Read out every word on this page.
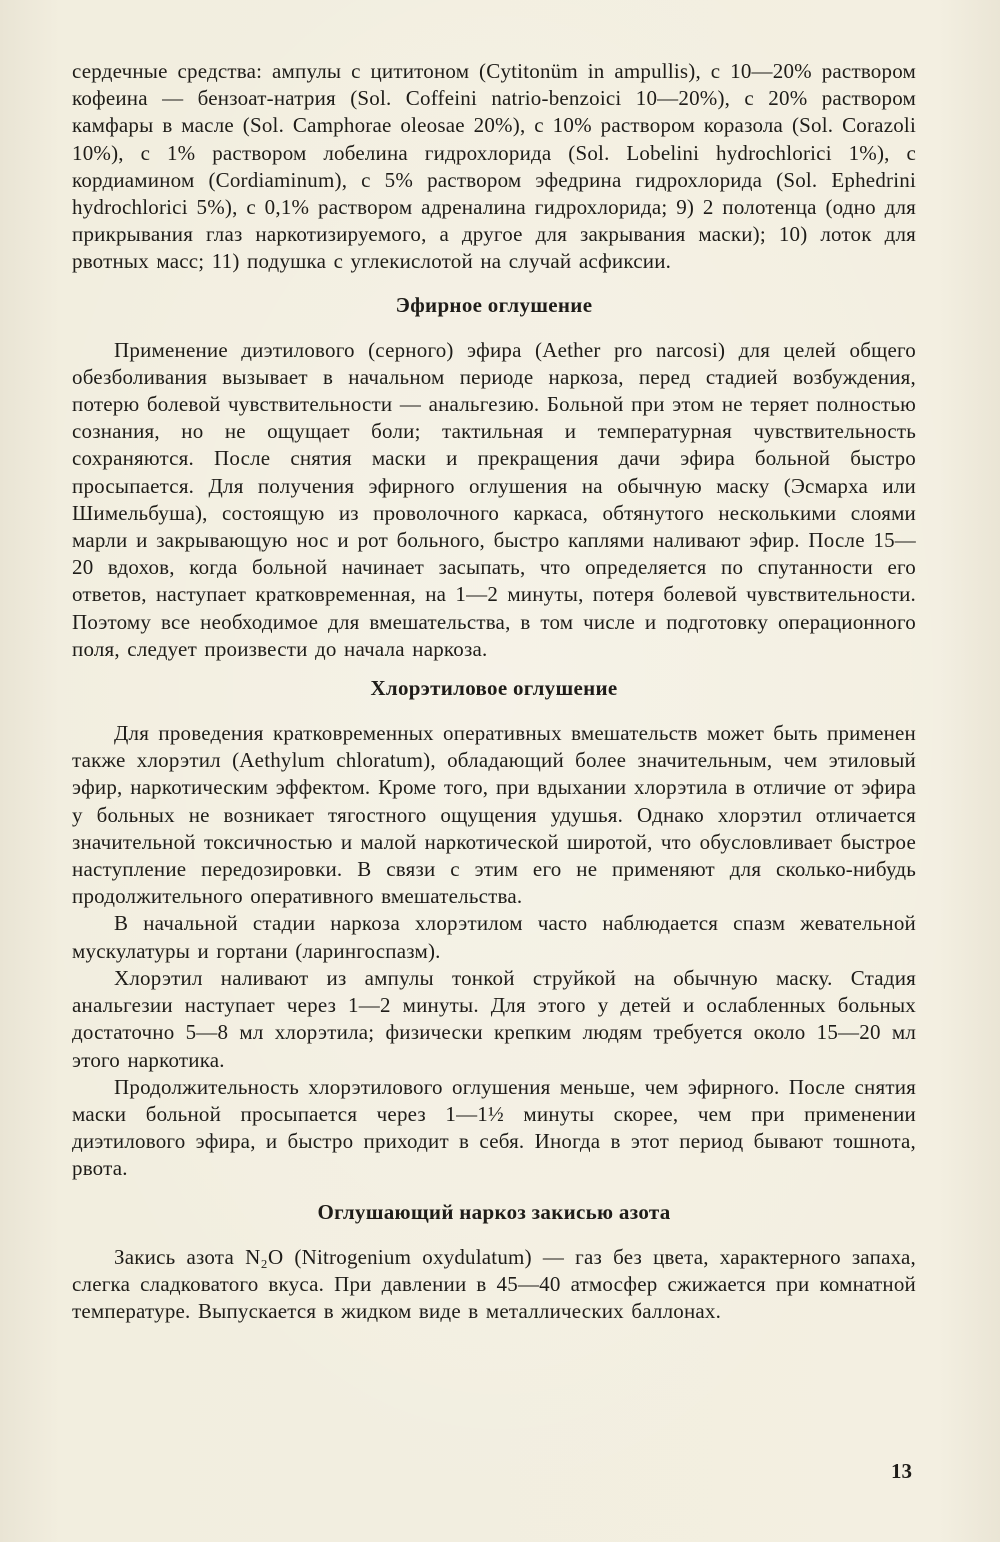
сердечные средства: ампулы с цититоном (Cytitonüm in ampullis), с 10—20% раствором кофеина — бензоат-натрия (Sol. Coffeini natrio-benzoici 10—20%), с 20% раствором камфары в масле (Sol. Camphorae oleosae 20%), с 10% раствором коразола (Sol. Corazoli 10%), с 1% раствором лобелина гидрохлорида (Sol. Lobelini hydrochlorici 1%), с кордиамином (Cordiaminum), с 5% раствором эфедрина гидрохлорида (Sol. Ephedrini hydrochlorici 5%), с 0,1% раствором адреналина гидрохлорида; 9) 2 полотенца (одно для прикрывания глаз наркотизируемого, а другое для закрывания маски); 10) лоток для рвотных масс; 11) подушка с углекислотой на случай асфиксии.

Эфирное оглушение

Применение диэтилового (серного) эфира (Aether pro narcosi) для целей общего обезболивания вызывает в начальном периоде наркоза, перед стадией возбуждения, потерю болевой чувствительности — анальгезию. Больной при этом не теряет полностью сознания, но не ощущает боли; тактильная и температурная чувствительность сохраняются. После снятия маски и прекращения дачи эфира больной быстро просыпается. Для получения эфирного оглушения на обычную маску (Эсмарха или Шимельбуша), состоящую из проволочного каркаса, обтянутого несколькими слоями марли и закрывающую нос и рот больного, быстро каплями наливают эфир. После 15—20 вдохов, когда больной начинает засыпать, что определяется по спутанности его ответов, наступает кратковременная, на 1—2 минуты, потеря болевой чувствительности. Поэтому все необходимое для вмешательства, в том числе и подготовку операционного поля, следует произвести до начала наркоза.

Хлорэтиловое оглушение

Для проведения кратковременных оперативных вмешательств может быть применен также хлорэтил (Aethylum chloratum), обладающий более значительным, чем этиловый эфир, наркотическим эффектом. Кроме того, при вдыхании хлорэтила в отличие от эфира у больных не возникает тягостного ощущения удушья. Однако хлорэтил отличается значительной токсичностью и малой наркотической широтой, что обусловливает быстрое наступление передозировки. В связи с этим его не применяют для сколько-нибудь продолжительного оперативного вмешательства.

В начальной стадии наркоза хлорэтилом часто наблюдается спазм жевательной мускулатуры и гортани (ларингоспазм).

Хлорэтил наливают из ампулы тонкой струйкой на обычную маску. Стадия анальгезии наступает через 1—2 минуты. Для этого у детей и ослабленных больных достаточно 5—8 мл хлорэтила; физически крепким людям требуется около 15—20 мл этого наркотика.

Продолжительность хлорэтилового оглушения меньше, чем эфирного. После снятия маски больной просыпается через 1—1½ минуты скорее, чем при применении диэтилового эфира, и быстро приходит в себя. Иногда в этот период бывают тошнота, рвота.

Оглушающий наркоз закисью азота

Закись азота N₂O (Nitrogenium oxydulatum) — газ без цвета, характерного запаха, слегка сладковатого вкуса. При давлении в 45—40 атмосфер сжижается при комнатной температуре. Выпускается в жидком виде в металлических баллонах.

13
